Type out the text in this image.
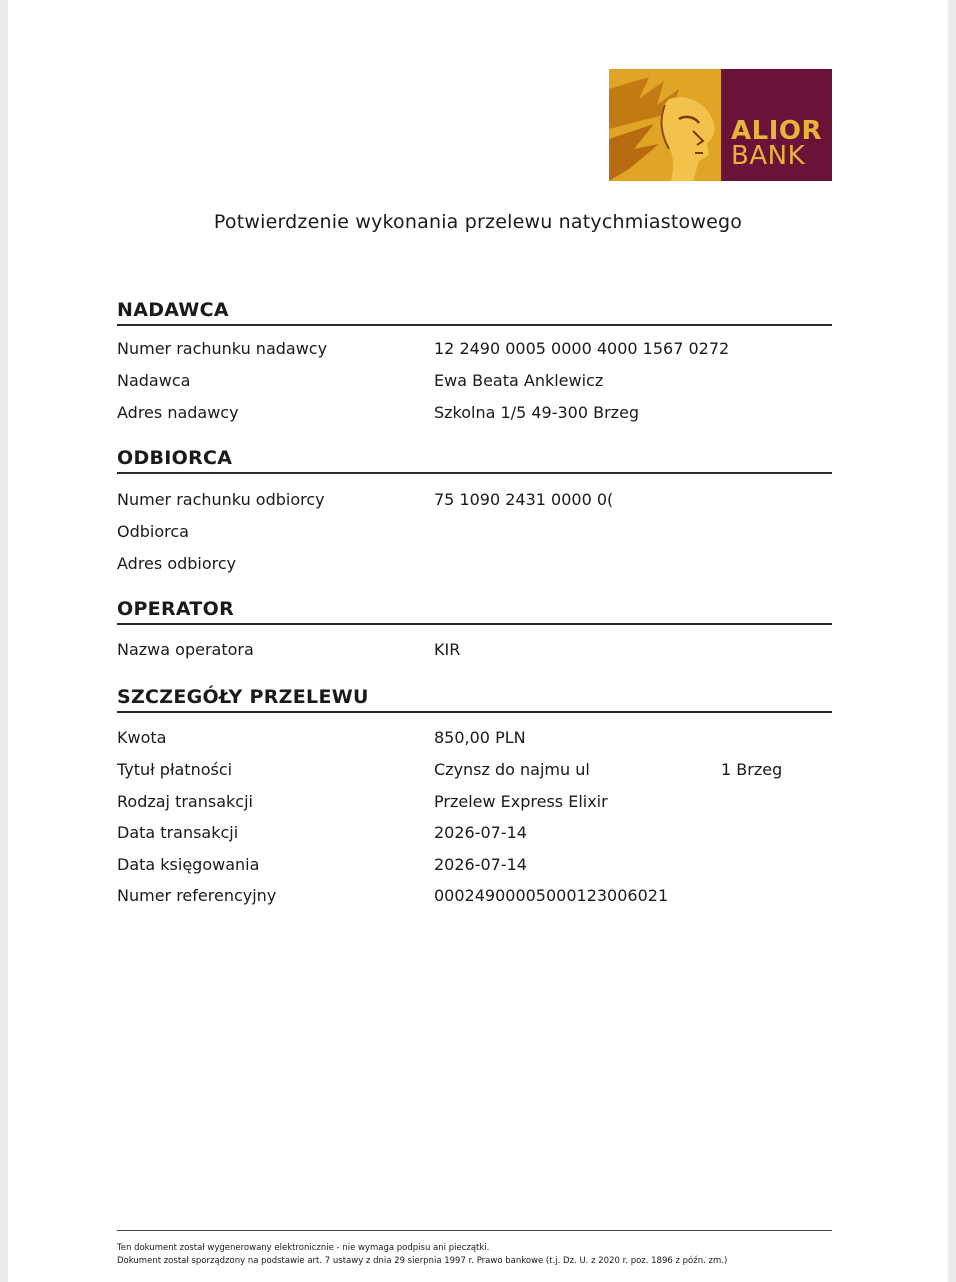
ALIOR
BANK
Potwierdzenie wykonania przelewu natychmiastowego
NADAWCA
Numer rachunku nadawcy	12 2490 0005 0000 4000 1567 0272
Nadawca	Ewa Beata Anklewicz
Adres nadawcy	Szkolna 1/5 49-300 Brzeg
ODBIORCA
Numer rachunku odbiorcy	75 1090 2431 0000 0(
Odbiorca
Adres odbiorcy
OPERATOR
Nazwa operatora	KIR
SZCZEGÓŁY PRZELEWU
Kwota	850,00 PLN
Tytuł płatności	Czynsz do najmu ul	1 Brzeg
Rodzaj transakcji	Przelew Express Elixir
Data transakcji	2026-07-14
Data księgowania	2026-07-14
Numer referencyjny	00024900005000123006021
Ten dokument został wygenerowany elektronicznie - nie wymaga podpisu ani pieczątki.
Dokument został sporządzony na podstawie art. 7 ustawy z dnia 29 sierpnia 1997 r. Prawo bankowe (t.j. Dz. U. z 2020 r. poz. 1896 z późn. zm.)
